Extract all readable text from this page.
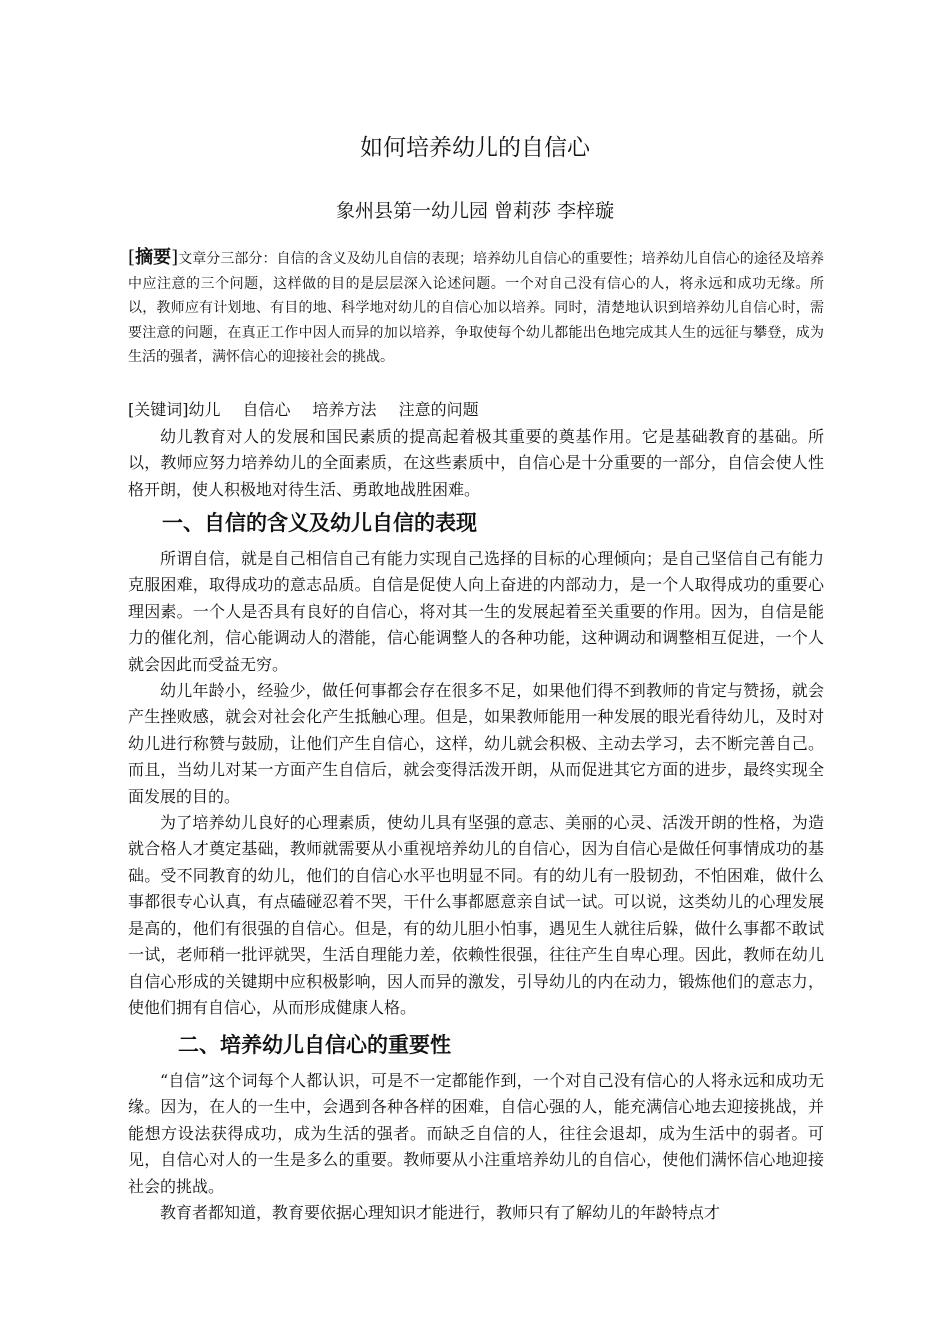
如何培养幼儿的自信心
象州县第一幼儿园 曾莉莎 李梓璇
[摘要]文章分三部分：自信的含义及幼儿自信的表现；培养幼儿自信心的重要性；培养幼儿自信心的途径及培养中应注意的三个问题，这样做的目的是层层深入论述问题。一个对自己没有信心的人，将永远和成功无缘。所以，教师应有计划地、有目的地、科学地对幼儿的自信心加以培养。同时，清楚地认识到培养幼儿自信心时，需要注意的问题，在真正工作中因人而异的加以培养，争取使每个幼儿都能出色地完成其人生的远征与攀登，成为生活的强者，满怀信心的迎接社会的挑战。
[关键词]幼儿 自信心 培养方法 注意的问题

幼儿教育对人的发展和国民素质的提高起着极其重要的奠基作用。它是基础教育的基础。所以，教师应努力培养幼儿的全面素质，在这些素质中，自信心是十分重要的一部分，自信会使人性格开朗，使人积极地对待生活、勇敢地战胜困难。

一、自信的含义及幼儿自信的表现

所谓自信，就是自己相信自己有能力实现自己选择的目标的心理倾向；是自己坚信自己有能力克服困难，取得成功的意志品质。自信是促使人向上奋进的内部动力，是一个人取得成功的重要心理因素。一个人是否具有良好的自信心，将对其一生的发展起着至关重要的作用。因为，自信是能力的催化剂，信心能调动人的潜能，信心能调整人的各种功能，这种调动和调整相互促进，一个人就会因此而受益无穷。

幼儿年龄小，经验少，做任何事都会存在很多不足，如果他们得不到教师的肯定与赞扬，就会产生挫败感，就会对社会化产生抵触心理。但是，如果教师能用一种发展的眼光看待幼儿，及时对幼儿进行称赞与鼓励，让他们产生自信心，这样，幼儿就会积极、主动去学习，去不断完善自己。而且，当幼儿对某一方面产生自信后，就会变得活泼开朗，从而促进其它方面的进步，最终实现全面发展的目的。

为了培养幼儿良好的心理素质，使幼儿具有坚强的意志、美丽的心灵、活泼开朗的性格，为造就合格人才奠定基础，教师就需要从小重视培养幼儿的自信心，因为自信心是做任何事情成功的基础。受不同教育的幼儿，他们的自信心水平也明显不同。有的幼儿有一股韧劲，不怕困难，做什么事都很专心认真，有点磕碰忍着不哭，干什么事都愿意亲自试一试。可以说，这类幼儿的心理发展是高的，他们有很强的自信心。但是，有的幼儿胆小怕事，遇见生人就往后躲，做什么事都不敢试一试，老师稍一批评就哭，生活自理能力差，依赖性很强，往往产生自卑心理。因此，教师在幼儿自信心形成的关键期中应积极影响，因人而异的激发，引导幼儿的内在动力，锻炼他们的意志力，使他们拥有自信心，从而形成健康人格。

二、培养幼儿自信心的重要性

“自信”这个词每个人都认识，可是不一定都能作到，一个对自己没有信心的人将永远和成功无缘。因为，在人的一生中，会遇到各种各样的困难，自信心强的人，能充满信心地去迎接挑战，并能想方设法获得成功，成为生活的强者。而缺乏自信的人，往往会退却，成为生活中的弱者。可见，自信心对人的一生是多么的重要。教师要从小注重培养幼儿的自信心，使他们满怀信心地迎接社会的挑战。

教育者都知道，教育要依据心理知识才能进行，教师只有了解幼儿的年龄特点才
